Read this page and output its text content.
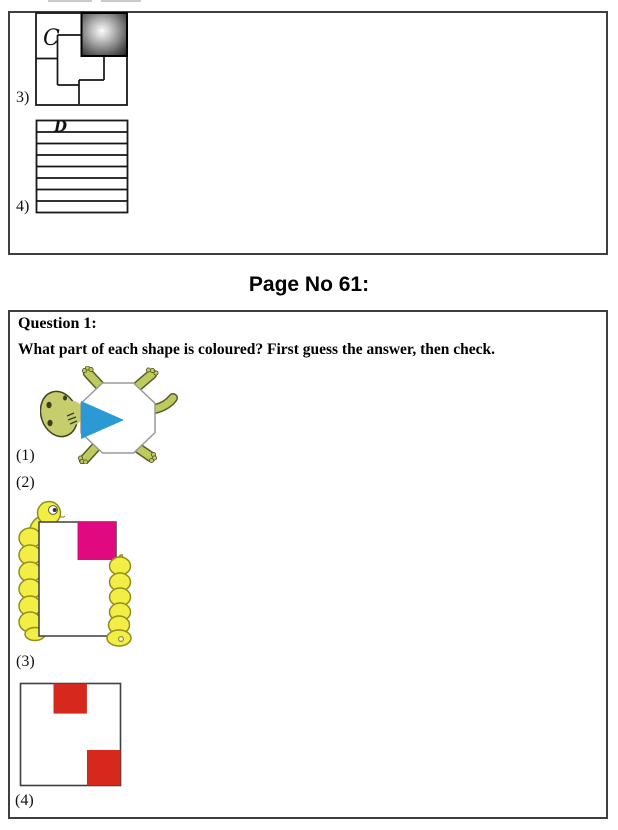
C
3)
D
4)
Page No 61:
Question 1:
What part of each shape is coloured? First guess the answer, then check.
(1)
(2)
(3)
(4)
